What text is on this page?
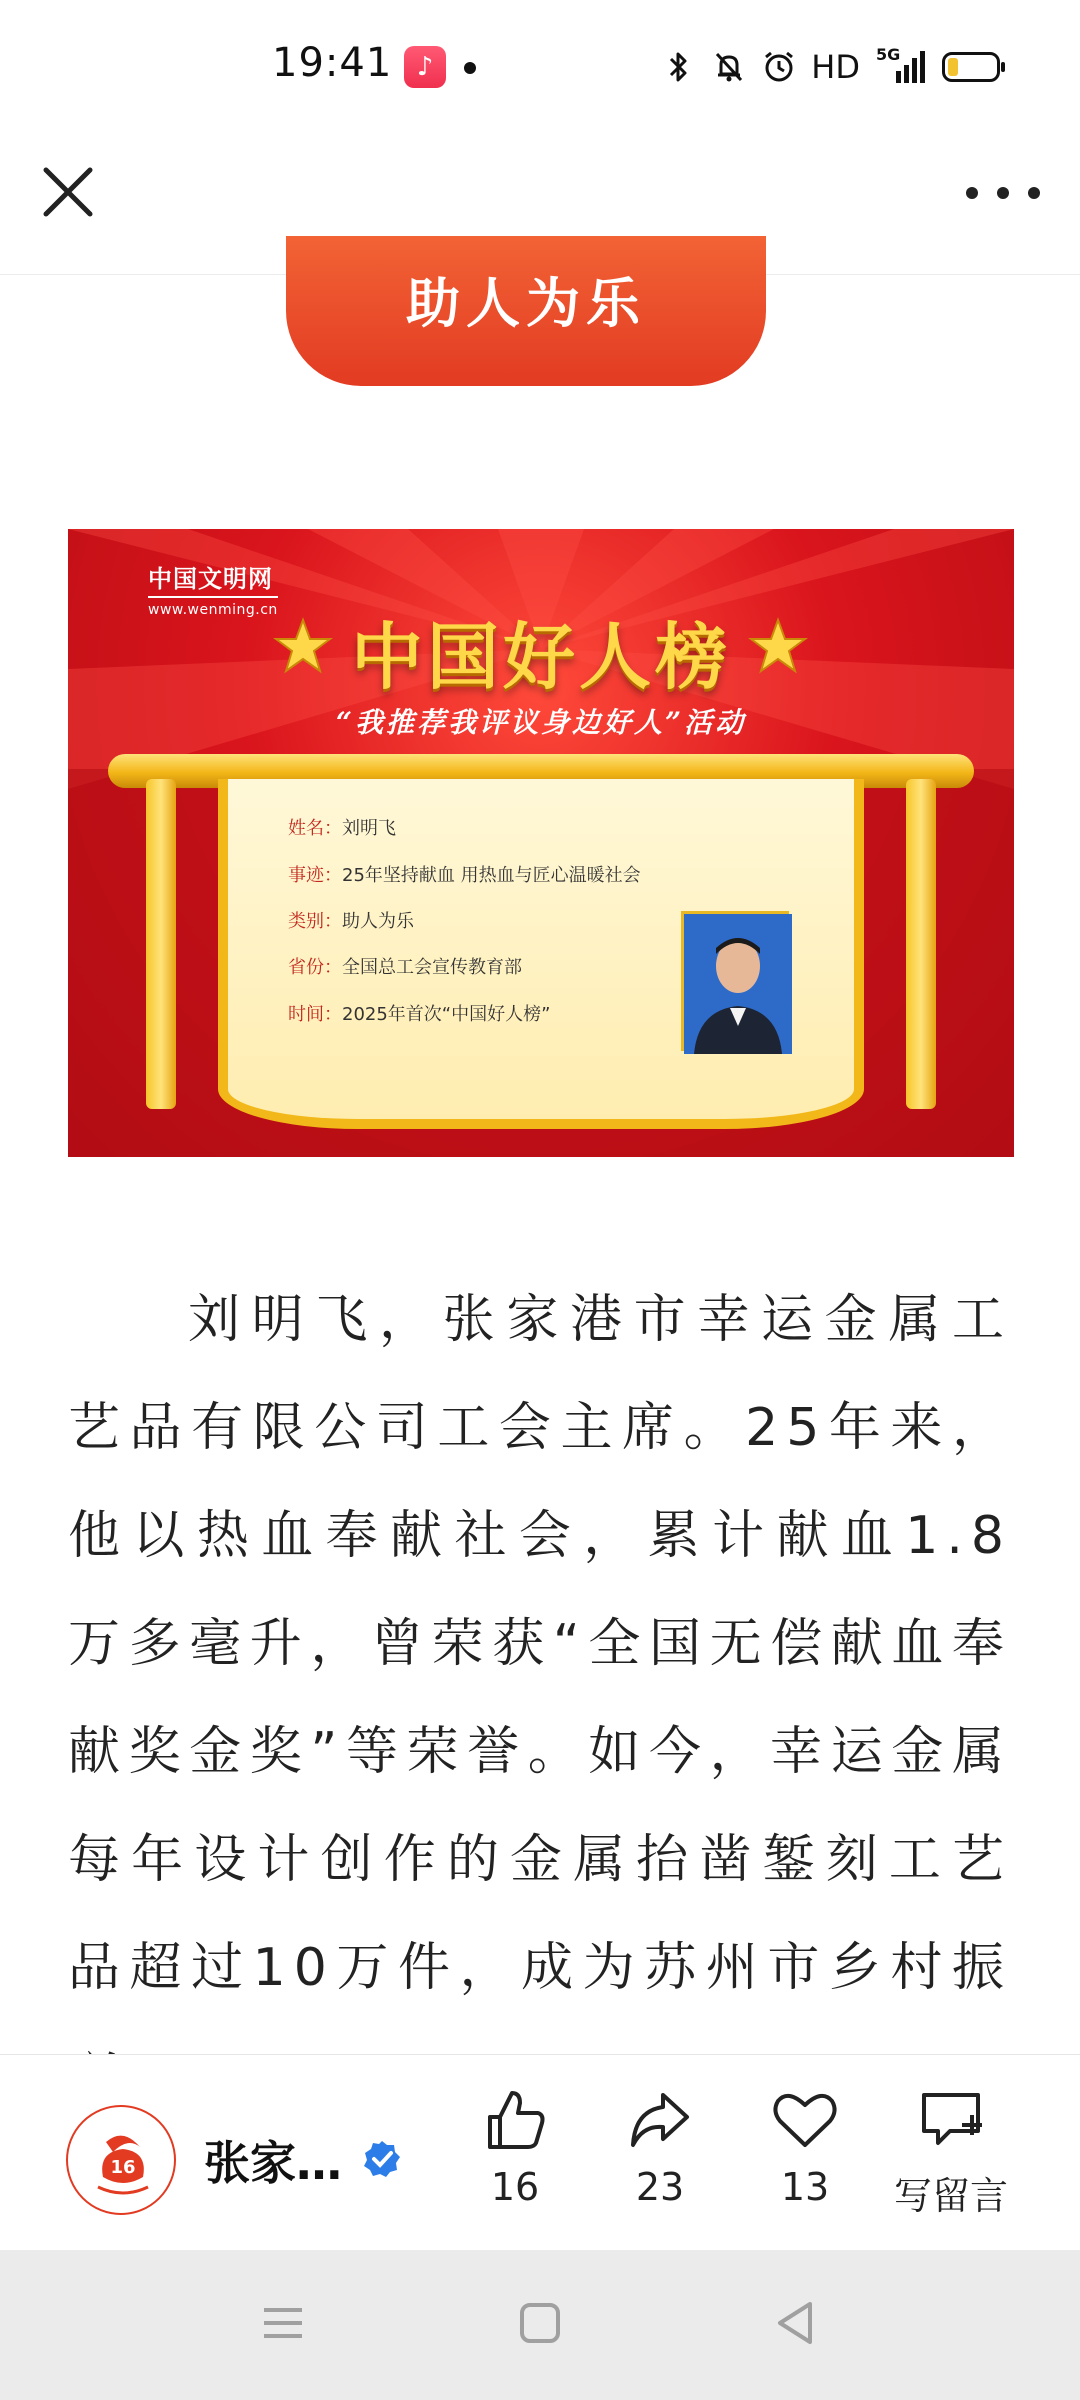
19:41 ♪	HD 5G
助人为乐
中国文明网
www.wenming.cn
中国好人榜
“我推荐我评议身边好人”活动
姓名：刘明飞
事迹：25年坚持献血 用热血与匠心温暖社会
类别：助人为乐
省份：全国总工会宣传教育部
时间：2025年首次“中国好人榜”
刘明飞，张家港市幸运金属工艺品有限公司工会主席。25年来，他以热血奉献社会，累计献血1.8万多毫升，曾荣获“全国无偿献血奉献奖金奖”等荣誉。如今，幸运金属每年设计创作的金属抬凿錾刻工艺品超过10万件，成为苏州市乡村振
16 张家…	16	23	13	写留言
